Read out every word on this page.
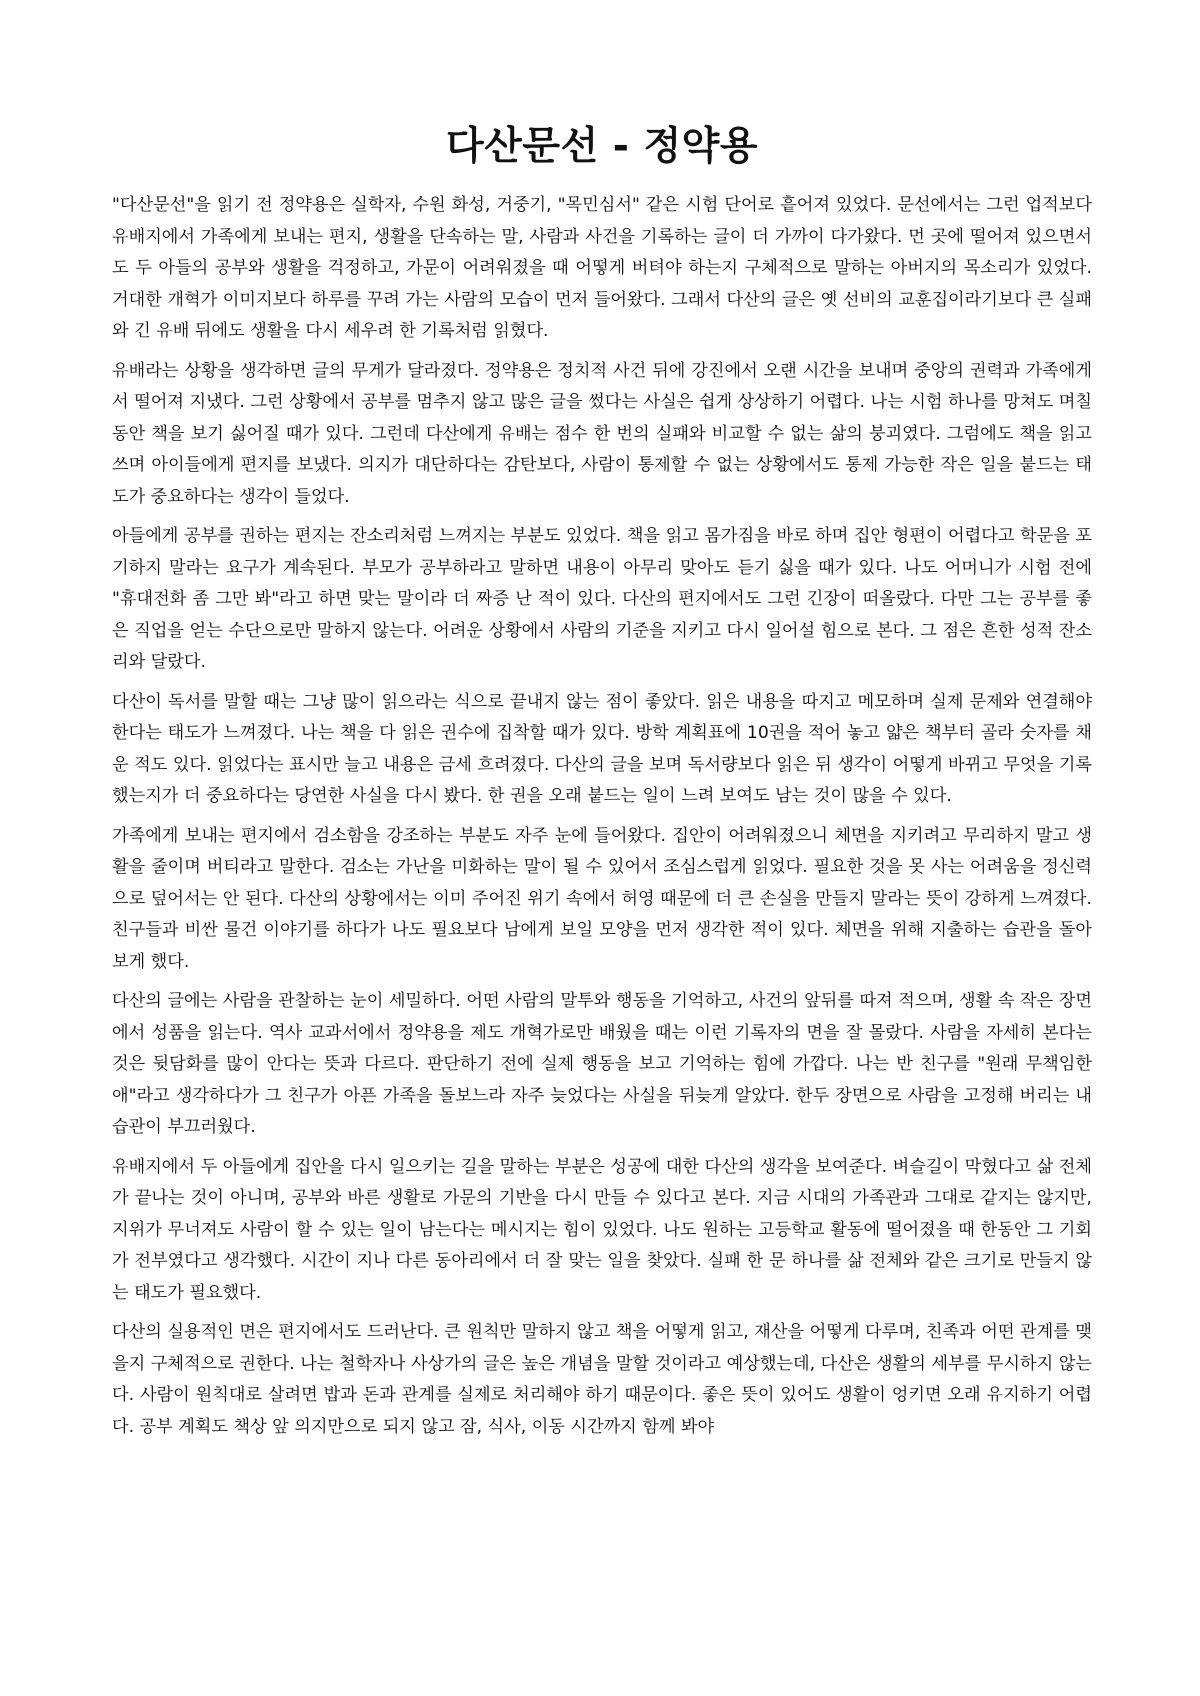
다산문선 - 정약용

"다산문선"을 읽기 전 정약용은 실학자, 수원 화성, 거중기, "목민심서" 같은 시험 단어로 흩어져 있었다. 문선에서는 그런 업적보다 유배지에서 가족에게 보내는 편지, 생활을 단속하는 말, 사람과 사건을 기록하는 글이 더 가까이 다가왔다. 먼 곳에 떨어져 있으면서도 두 아들의 공부와 생활을 걱정하고, 가문이 어려워졌을 때 어떻게 버텨야 하는지 구체적으로 말하는 아버지의 목소리가 있었다. 거대한 개혁가 이미지보다 하루를 꾸려 가는 사람의 모습이 먼저 들어왔다. 그래서 다산의 글은 옛 선비의 교훈집이라기보다 큰 실패와 긴 유배 뒤에도 생활을 다시 세우려 한 기록처럼 읽혔다.

유배라는 상황을 생각하면 글의 무게가 달라졌다. 정약용은 정치적 사건 뒤에 강진에서 오랜 시간을 보내며 중앙의 권력과 가족에게서 떨어져 지냈다. 그런 상황에서 공부를 멈추지 않고 많은 글을 썼다는 사실은 쉽게 상상하기 어렵다. 나는 시험 하나를 망쳐도 며칠 동안 책을 보기 싫어질 때가 있다. 그런데 다산에게 유배는 점수 한 번의 실패와 비교할 수 없는 삶의 붕괴였다. 그럼에도 책을 읽고 쓰며 아이들에게 편지를 보냈다. 의지가 대단하다는 감탄보다, 사람이 통제할 수 없는 상황에서도 통제 가능한 작은 일을 붙드는 태도가 중요하다는 생각이 들었다.

아들에게 공부를 권하는 편지는 잔소리처럼 느껴지는 부분도 있었다. 책을 읽고 몸가짐을 바로 하며 집안 형편이 어렵다고 학문을 포기하지 말라는 요구가 계속된다. 부모가 공부하라고 말하면 내용이 아무리 맞아도 듣기 싫을 때가 있다. 나도 어머니가 시험 전에 "휴대전화 좀 그만 봐"라고 하면 맞는 말이라 더 짜증 난 적이 있다. 다산의 편지에서도 그런 긴장이 떠올랐다. 다만 그는 공부를 좋은 직업을 얻는 수단으로만 말하지 않는다. 어려운 상황에서 사람의 기준을 지키고 다시 일어설 힘으로 본다. 그 점은 흔한 성적 잔소리와 달랐다.

다산이 독서를 말할 때는 그냥 많이 읽으라는 식으로 끝내지 않는 점이 좋았다. 읽은 내용을 따지고 메모하며 실제 문제와 연결해야 한다는 태도가 느껴졌다. 나는 책을 다 읽은 권수에 집착할 때가 있다. 방학 계획표에 10권을 적어 놓고 얇은 책부터 골라 숫자를 채운 적도 있다. 읽었다는 표시만 늘고 내용은 금세 흐려졌다. 다산의 글을 보며 독서량보다 읽은 뒤 생각이 어떻게 바뀌고 무엇을 기록했는지가 더 중요하다는 당연한 사실을 다시 봤다. 한 권을 오래 붙드는 일이 느려 보여도 남는 것이 많을 수 있다.

가족에게 보내는 편지에서 검소함을 강조하는 부분도 자주 눈에 들어왔다. 집안이 어려워졌으니 체면을 지키려고 무리하지 말고 생활을 줄이며 버티라고 말한다. 검소는 가난을 미화하는 말이 될 수 있어서 조심스럽게 읽었다. 필요한 것을 못 사는 어려움을 정신력으로 덮어서는 안 된다. 다산의 상황에서는 이미 주어진 위기 속에서 허영 때문에 더 큰 손실을 만들지 말라는 뜻이 강하게 느껴졌다. 친구들과 비싼 물건 이야기를 하다가 나도 필요보다 남에게 보일 모양을 먼저 생각한 적이 있다. 체면을 위해 지출하는 습관을 돌아보게 했다.

다산의 글에는 사람을 관찰하는 눈이 세밀하다. 어떤 사람의 말투와 행동을 기억하고, 사건의 앞뒤를 따져 적으며, 생활 속 작은 장면에서 성품을 읽는다. 역사 교과서에서 정약용을 제도 개혁가로만 배웠을 때는 이런 기록자의 면을 잘 몰랐다. 사람을 자세히 본다는 것은 뒷담화를 많이 안다는 뜻과 다르다. 판단하기 전에 실제 행동을 보고 기억하는 힘에 가깝다. 나는 반 친구를 "원래 무책임한 애"라고 생각하다가 그 친구가 아픈 가족을 돌보느라 자주 늦었다는 사실을 뒤늦게 알았다. 한두 장면으로 사람을 고정해 버리는 내 습관이 부끄러웠다.

유배지에서 두 아들에게 집안을 다시 일으키는 길을 말하는 부분은 성공에 대한 다산의 생각을 보여준다. 벼슬길이 막혔다고 삶 전체가 끝나는 것이 아니며, 공부와 바른 생활로 가문의 기반을 다시 만들 수 있다고 본다. 지금 시대의 가족관과 그대로 같지는 않지만, 지위가 무너져도 사람이 할 수 있는 일이 남는다는 메시지는 힘이 있었다. 나도 원하는 고등학교 활동에 떨어졌을 때 한동안 그 기회가 전부였다고 생각했다. 시간이 지나 다른 동아리에서 더 잘 맞는 일을 찾았다. 실패 한 문 하나를 삶 전체와 같은 크기로 만들지 않는 태도가 필요했다.

다산의 실용적인 면은 편지에서도 드러난다. 큰 원칙만 말하지 않고 책을 어떻게 읽고, 재산을 어떻게 다루며, 친족과 어떤 관계를 맺을지 구체적으로 권한다. 나는 철학자나 사상가의 글은 높은 개념을 말할 것이라고 예상했는데, 다산은 생활의 세부를 무시하지 않는다. 사람이 원칙대로 살려면 밥과 돈과 관계를 실제로 처리해야 하기 때문이다. 좋은 뜻이 있어도 생활이 엉키면 오래 유지하기 어렵다. 공부 계획도 책상 앞 의지만으로 되지 않고 잠, 식사, 이동 시간까지 함께 봐야
